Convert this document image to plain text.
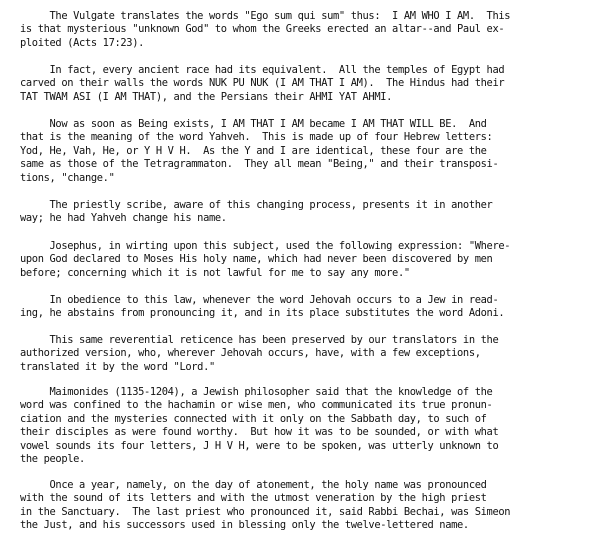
The Vulgate translates the words "Ego sum qui sum" thus:  I AM WHO I AM.  This
is that mysterious "unknown God" to whom the Greeks erected an altar--and Paul ex-
ploited (Acts 17:23).

In fact, every ancient race had its equivalent.  All the temples of Egypt had
carved on their walls the words NUK PU NUK (I AM THAT I AM).  The Hindus had their
TAT TWAM ASI (I AM THAT), and the Persians their AHMI YAT AHMI.

Now as soon as Being exists, I AM THAT I AM became I AM THAT WILL BE.  And
that is the meaning of the word Yahveh.  This is made up of four Hebrew letters:
Yod, He, Vah, He, or Y H V H.  As the Y and I are identical, these four are the
same as those of the Tetragrammaton.  They all mean "Being," and their transposi-
tions, "change."

The priestly scribe, aware of this changing process, presents it in another
way; he had Yahveh change his name.

Josephus, in wirting upon this subject, used the following expression: "Where-
upon God declared to Moses His holy name, which had never been discovered by men
before; concerning which it is not lawful for me to say any more."

In obedience to this law, whenever the word Jehovah occurs to a Jew in read-
ing, he abstains from pronouncing it, and in its place substitutes the word Adoni.

This same reverential reticence has been preserved by our translators in the
authorized version, who, wherever Jehovah occurs, have, with a few exceptions,
translated it by the word "Lord."

Maimonides (1135-1204), a Jewish philosopher said that the knowledge of the
word was confined to the hachamin or wise men, who communicated its true pronun-
ciation and the mysteries connected with it only on the Sabbath day, to such of
their disciples as were found worthy.  But how it was to be sounded, or with what
vowel sounds its four letters, J H V H, were to be spoken, was utterly unknown to
the people.

Once a year, namely, on the day of atonement, the holy name was pronounced
with the sound of its letters and with the utmost veneration by the high priest
in the Sanctuary.  The last priest who pronounced it, said Rabbi Bechai, was Simeon
the Just, and his successors used in blessing only the twelve-lettered name.
